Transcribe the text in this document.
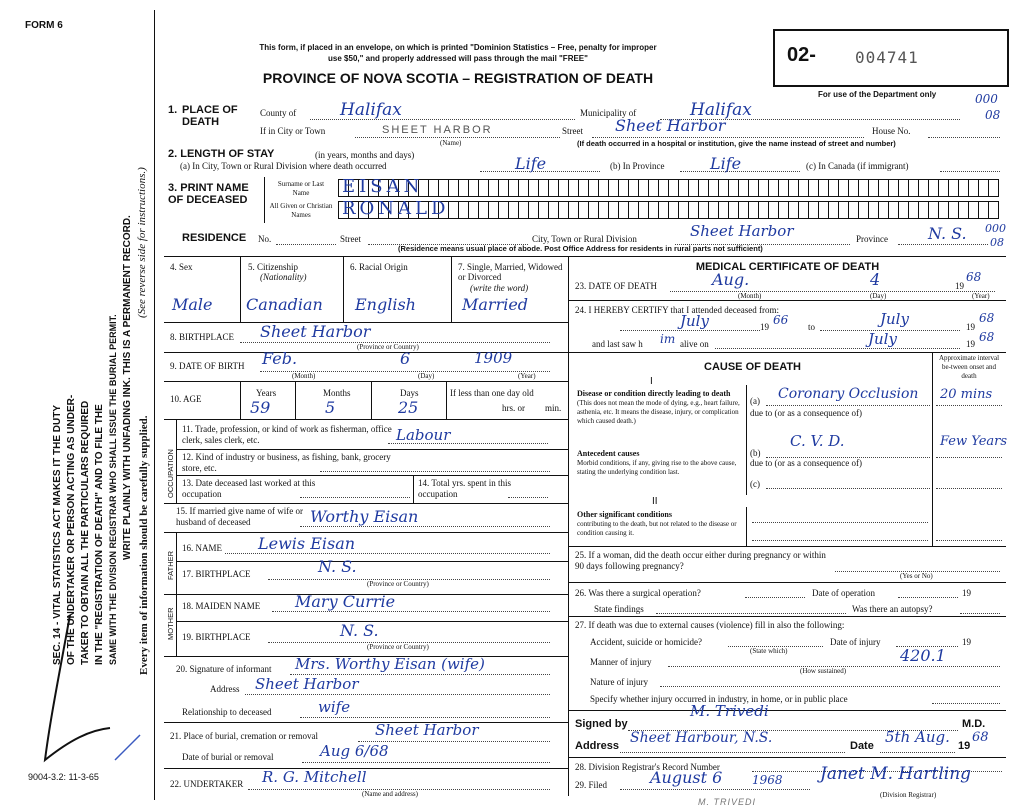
FORM 6
SEC. 14 - VITAL STATISTICS ACT MAKES IT THE DUTY OF THE UNDERTAKER OR PERSON ACTING AS UNDER- TAKER TO OBTAIN ALL THE PARTICULARS REQUIRED IN THE "REGISTRATION OF DEATH" AND TO FILE THE SAME WITH THE DIVISION REGISTRAR WHO SHALL ISSUE THE BURIAL PERMIT. WRITE PLAINLY WITH UNFADING INK. THIS IS A PERMANENT RECORD. (See reverse side for instructions.)
Every item of information should be carefully supplied.
9004-3.2: 11-3-65
This form, if placed in an envelope, on which is printed "Dominion Statistics – Free, penalty for improper
use $50," and properly addressed will pass through the mail "FREE"
PROVINCE OF NOVA SCOTIA – REGISTRATION OF DEATH
02- 004741
For use of the Department only	000
08
1. PLACE OF DEATH
County of	Halifax	Municipality of	Halifax
If in City or Town	SHEET HARBOR
(Name)
Street Sheet Harbor	House No.
(If death occurred in a hospital or institution, give the name instead of street and number)
2. LENGTH OF STAY	(in years, months and days)
(a) In City, Town or Rural Division where death occurred	Life	(b) In Province	Life	(c) In Canada (if immigrant)
3. PRINT NAME OF DECEASED
Surname or Last Name
All Given or Christian Names
EISAN
RONALD
RESIDENCE No.	Street	City, Town or Rural Division	Sheet Harbor	Province	N. S. 000
08
(Residence means usual place of abode. Post Office Address for residents in rural parts not sufficient)
4. Sex
Male
5. Citizenship
(Nationality)
Canadian
6. Racial Origin
English
7. Single, Married, Widowed or Divorced
(write the word)
Married
8. BIRTHPLACE Sheet Harbor
(Province or Country)
9. DATE OF BIRTH Feb.	6	1909
(Month)	(Day)	(Year)
10. AGE
Years	Months	Days
59	5	25
If less than one day old
hrs. or min.
OCCUPATION
11. Trade, profession, or kind of work as fisherman, office clerk, sales clerk, etc.	Labour
12. Kind of industry or business, as fishing, bank, grocery store, etc.
13. Date deceased last worked at this occupation
14. Total yrs. spent in this occupation
15. If married give name of wife or husband of deceased	Worthy Eisan
FATHER
16. NAME Lewis Eisan
17. BIRTHPLACE	N. S.
(Province or Country)
MOTHER
18. MAIDEN NAME Mary Currie
19. BIRTHPLACE	N. S.
(Province or Country)
20. Signature of informant Mrs. Worthy Eisan (wife)
Address Sheet Harbor
Relationship to deceased	wife
21. Place of burial, cremation or removal	Sheet Harbor
Date of burial or removal	Aug 6/68
22. UNDERTAKER R. G. Mitchell
(Name and address)
MEDICAL CERTIFICATE OF DEATH
23. DATE OF DEATH	Aug.	4	19
68
(Month)	(Day)	(Year)
24. I HEREBY CERTIFY that I attended deceased from:
July	19 66 to	July	19
68
and last saw h im alive on	July	19 68
CAUSE OF DEATH
Approximate interval be-tween onset and death
I
Disease or condition directly leading to death
(This does not mean the mode of dying, e.g., heart failure, asthenia, etc. It means the disease, injury, or complication which caused death.)
(a) Coronary Occlusion 20 mins
due to (or as a consequence of)
Antecedent causes
Morbid conditions, if any, giving rise to the above cause, stating the underlying condition last.
(b)
C. V. D.	Few Years
due to (or as a consequence of)
(c)
II
Other significant conditions
contributing to the death, but not related to the disease or condition causing it.
25. If a woman, did the death occur either during pregnancy or within 90 days following pregnancy?
(Yes or No)
26. Was there a surgical operation?	Date of operation	19
State findings	Was there an autopsy?
27. If death was due to external causes (violence) fill in also the following:
Accident, suicide or homicide?
(State which)
Date of injury	19
Manner of injury
(How sustained)
420.1
Nature of injury
Specify whether injury occurred in industry, in home, or in public place
Signed by
M. Trivedi
M.D.
Address Sheet Harbour, N.S.	Date 5th Aug. 19
68
28. Division Registrar's Record Number
29. Filed	August 6 1968 Janet M. Hartling
(Division Registrar)
M. TRIVEDI
